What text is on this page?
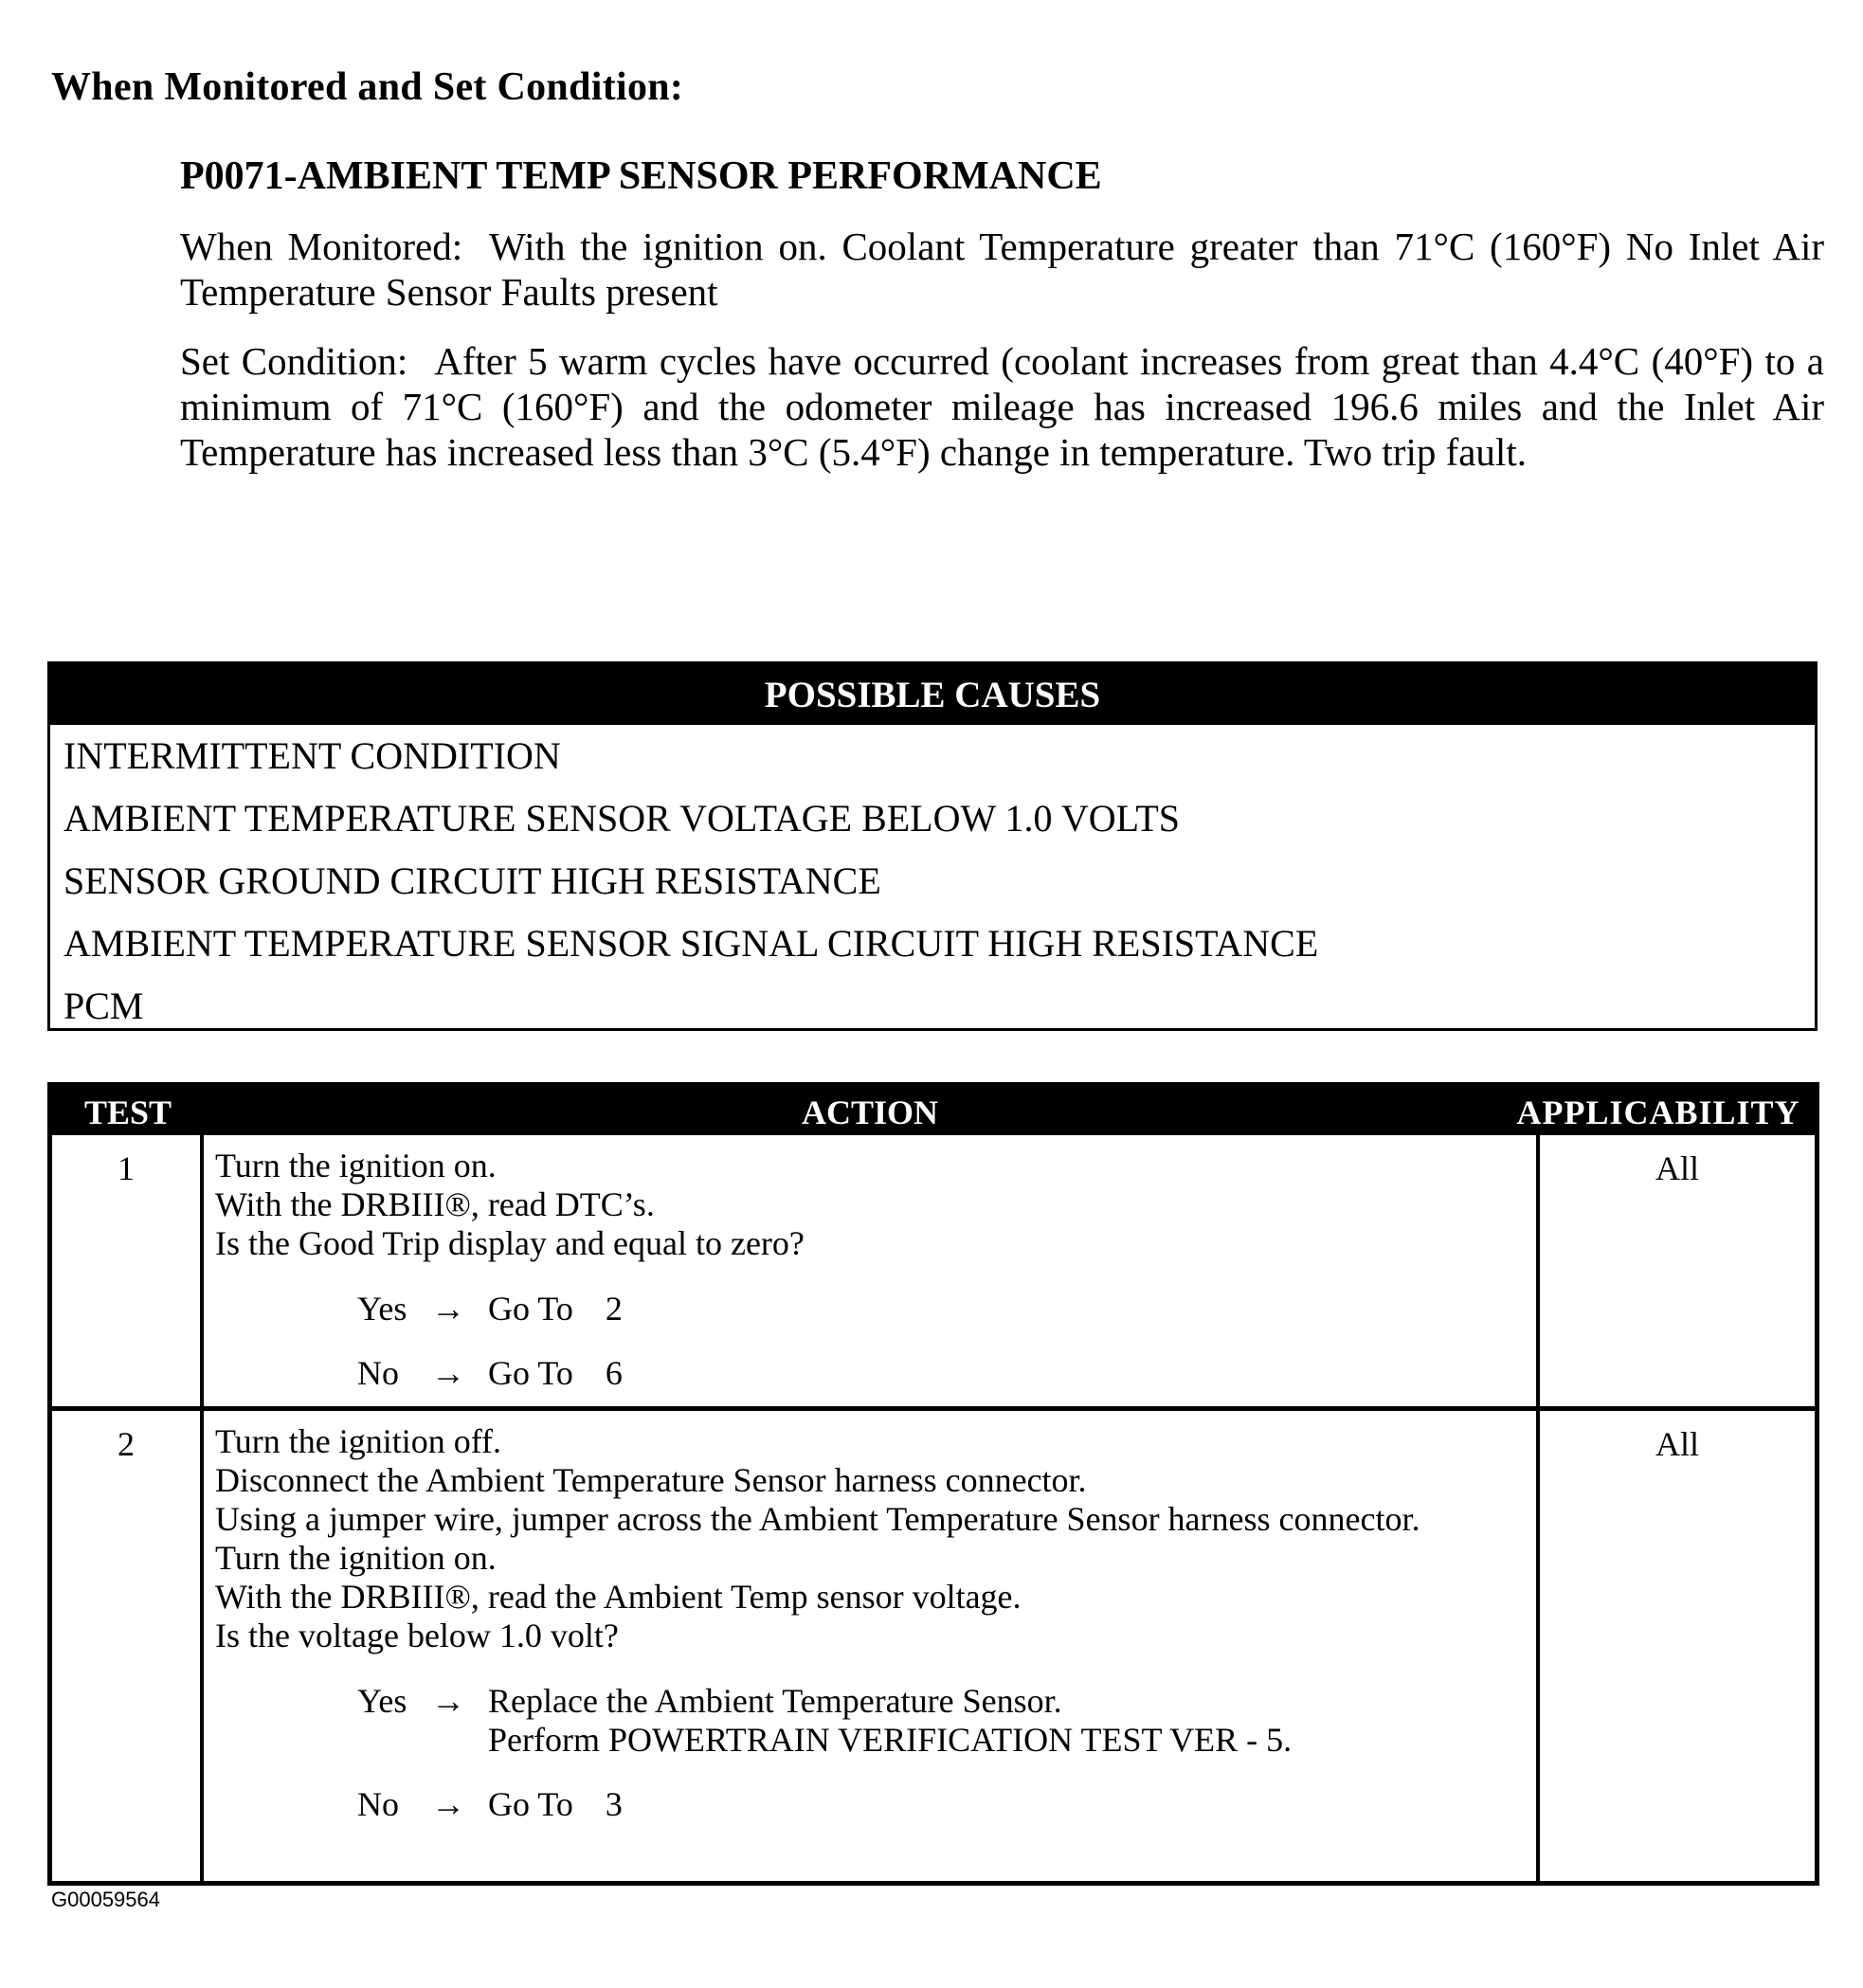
When Monitored and Set Condition:
P0071-AMBIENT TEMP SENSOR PERFORMANCE
When Monitored: With the ignition on. Coolant Temperature greater than 71°C (160°F) No Inlet Air Temperature Sensor Faults present
Set Condition: After 5 warm cycles have occurred (coolant increases from great than 4.4°C (40°F) to a minimum of 71°C (160°F) and the odometer mileage has increased 196.6 miles and the Inlet Air Temperature has increased less than 3°C (5.4°F) change in temperature. Two trip fault.
POSSIBLE CAUSES
INTERMITTENT CONDITION
AMBIENT TEMPERATURE SENSOR VOLTAGE BELOW 1.0 VOLTS
SENSOR GROUND CIRCUIT HIGH RESISTANCE
AMBIENT TEMPERATURE SENSOR SIGNAL CIRCUIT HIGH RESISTANCE
PCM
TEST	ACTION	APPLICABILITY
1	Turn the ignition on.
With the DRBIII®, read DTC’s.
Is the Good Trip display and equal to zero?
Yes → Go To 2
No → Go To 6
All
2	Turn the ignition off.
Disconnect the Ambient Temperature Sensor harness connector.
Using a jumper wire, jumper across the Ambient Temperature Sensor harness connector.
Turn the ignition on.
With the DRBIII®, read the Ambient Temp sensor voltage.
Is the voltage below 1.0 volt?
Yes → Replace the Ambient Temperature Sensor.
Perform POWERTRAIN VERIFICATION TEST VER - 5.
No → Go To 3
All
G00059564
